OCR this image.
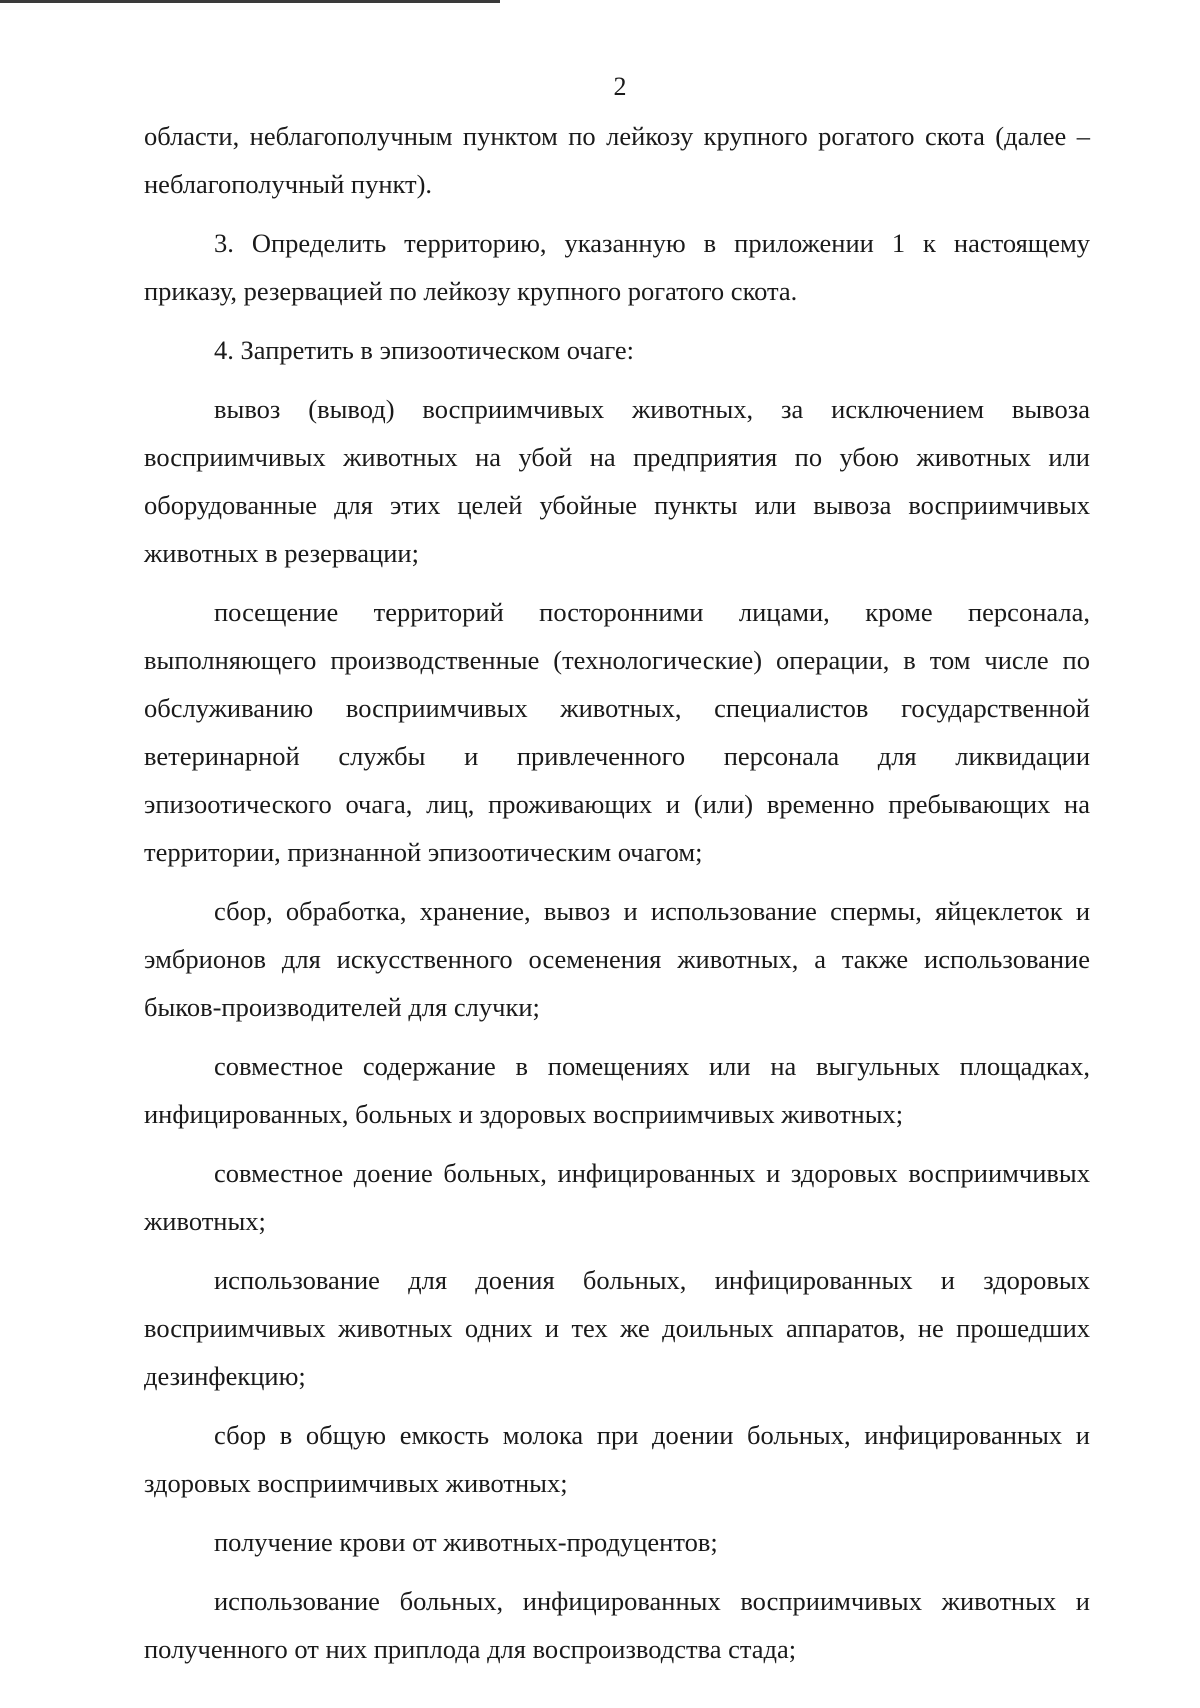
2

области, неблагополучным пунктом по лейкозу крупного рогатого скота (далее – неблагополучный пункт).

3. Определить территорию, указанную в приложении 1 к настоящему приказу, резервацией по лейкозу крупного рогатого скота.

4. Запретить в эпизоотическом очаге:

вывоз (вывод) восприимчивых животных, за исключением вывоза восприимчивых животных на убой на предприятия по убою животных или оборудованные для этих целей убойные пункты или вывоза восприимчивых животных в резервации;

посещение территорий посторонними лицами, кроме персонала, выполняющего производственные (технологические) операции, в том числе по обслуживанию восприимчивых животных, специалистов государственной ветеринарной службы и привлеченного персонала для ликвидации эпизоотического очага, лиц, проживающих и (или) временно пребывающих на территории, признанной эпизоотическим очагом;

сбор, обработка, хранение, вывоз и использование спермы, яйцеклеток и эмбрионов для искусственного осеменения животных, а также использование быков-производителей для случки;

совместное содержание в помещениях или на выгульных площадках, инфицированных, больных и здоровых восприимчивых животных;

совместное доение больных, инфицированных и здоровых восприимчивых животных;

использование для доения больных, инфицированных и здоровых восприимчивых животных одних и тех же доильных аппаратов, не прошедших дезинфекцию;

сбор в общую емкость молока при доении больных, инфицированных и здоровых восприимчивых животных;

получение крови от животных-продуцентов;

использование больных, инфицированных восприимчивых животных и полученного от них приплода для воспроизводства стада;
